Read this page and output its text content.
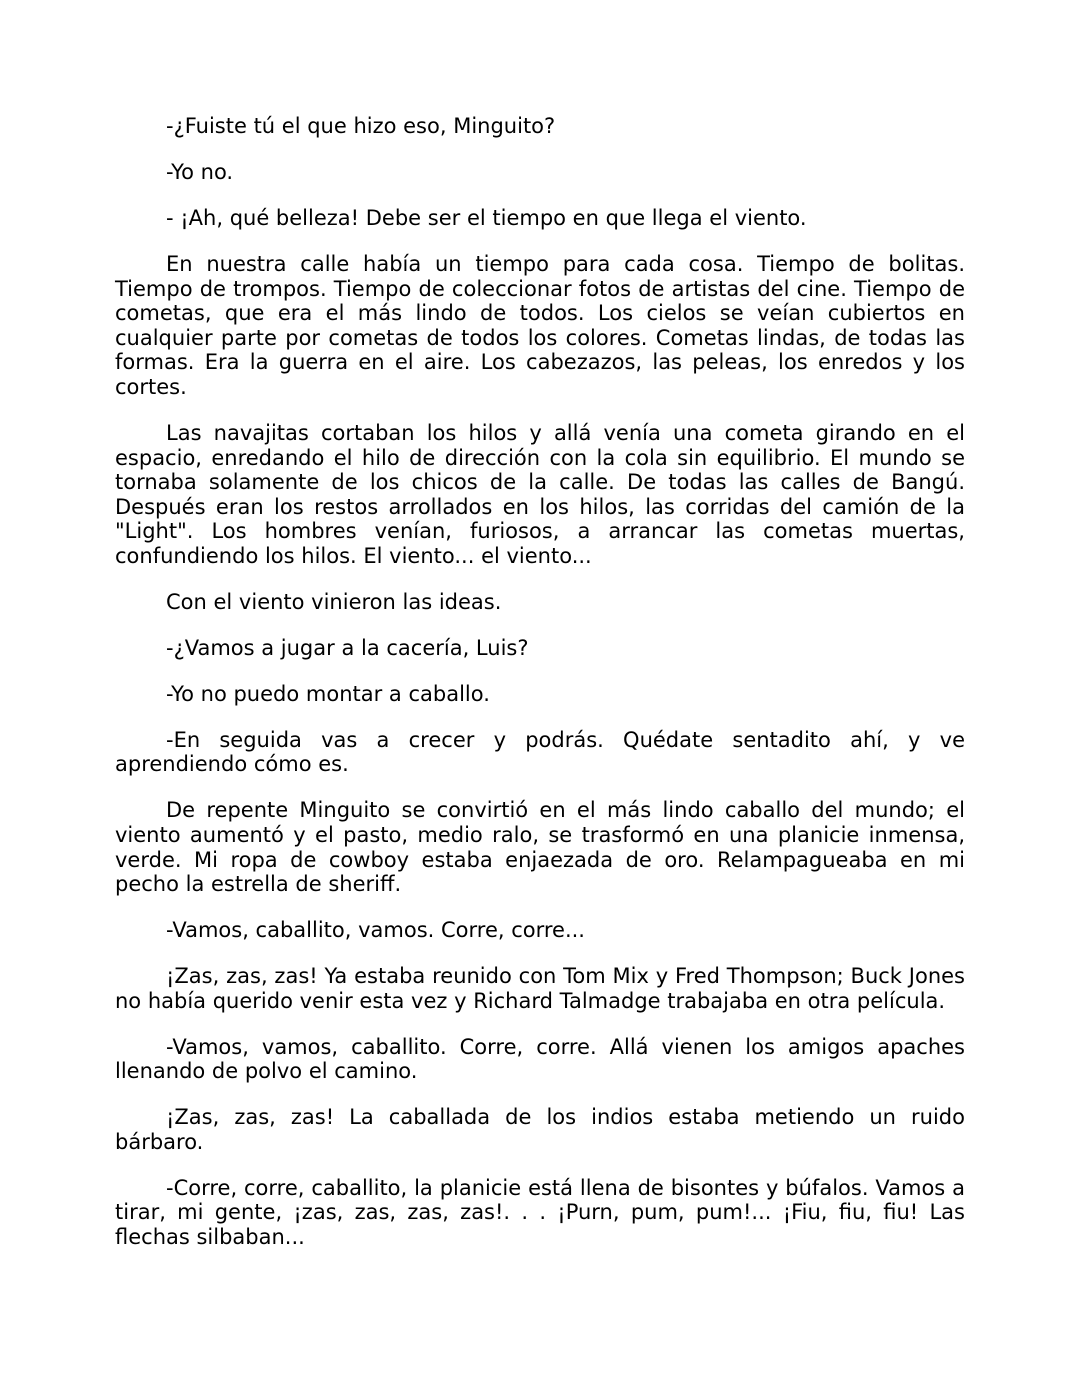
-¿Fuiste tú el que hizo eso, Minguito?

-Yo no.

- ¡Ah, qué belleza! Debe ser el tiempo en que llega el viento.

En nuestra calle había un tiempo para cada cosa. Tiempo de bolitas. Tiempo de trompos. Tiempo de coleccionar fotos de artistas del cine. Tiempo de cometas, que era el más lindo de todos. Los cielos se veían cubiertos en cualquier parte por cometas de todos los colores. Cometas lindas, de todas las formas. Era la guerra en el aire. Los cabezazos, las peleas, los enredos y los cortes.

Las navajitas cortaban los hilos y allá venía una cometa girando en el espacio, enredando el hilo de dirección con la cola sin equilibrio. El mundo se tornaba solamente de los chicos de la calle. De todas las calles de Bangú. Después eran los restos arrollados en los hilos, las corridas del camión de la "Light". Los hombres venían, furiosos, a arrancar las cometas muertas, confundiendo los hilos. El viento... el viento...

Con el viento vinieron las ideas.

-¿Vamos a jugar a la cacería, Luis?

-Yo no puedo montar a caballo.

-En seguida vas a crecer y podrás. Quédate sentadito ahí, y ve aprendiendo cómo es.

De repente Minguito se convirtió en el más lindo caballo del mundo; el viento aumentó y el pasto, medio ralo, se trasformó en una planicie inmensa, verde. Mi ropa de cowboy estaba enjaezada de oro. Relampagueaba en mi pecho la estrella de sheriff.

-Vamos, caballito, vamos. Corre, corre...

¡Zas, zas, zas! Ya estaba reunido con Tom Mix y Fred Thompson; Buck Jones no había querido venir esta vez y Richard Talmadge trabajaba en otra película.

-Vamos, vamos, caballito. Corre, corre. Allá vienen los amigos apaches llenando de polvo el camino.

¡Zas, zas, zas! La caballada de los indios estaba metiendo un ruido bárbaro.

-Corre, corre, caballito, la planicie está llena de bisontes y búfalos. Vamos a tirar, mi gente, ¡zas, zas, zas, zas!. . . ¡Purn, pum, pum!... ¡Fiu, fiu, fiu! Las flechas silbaban...
